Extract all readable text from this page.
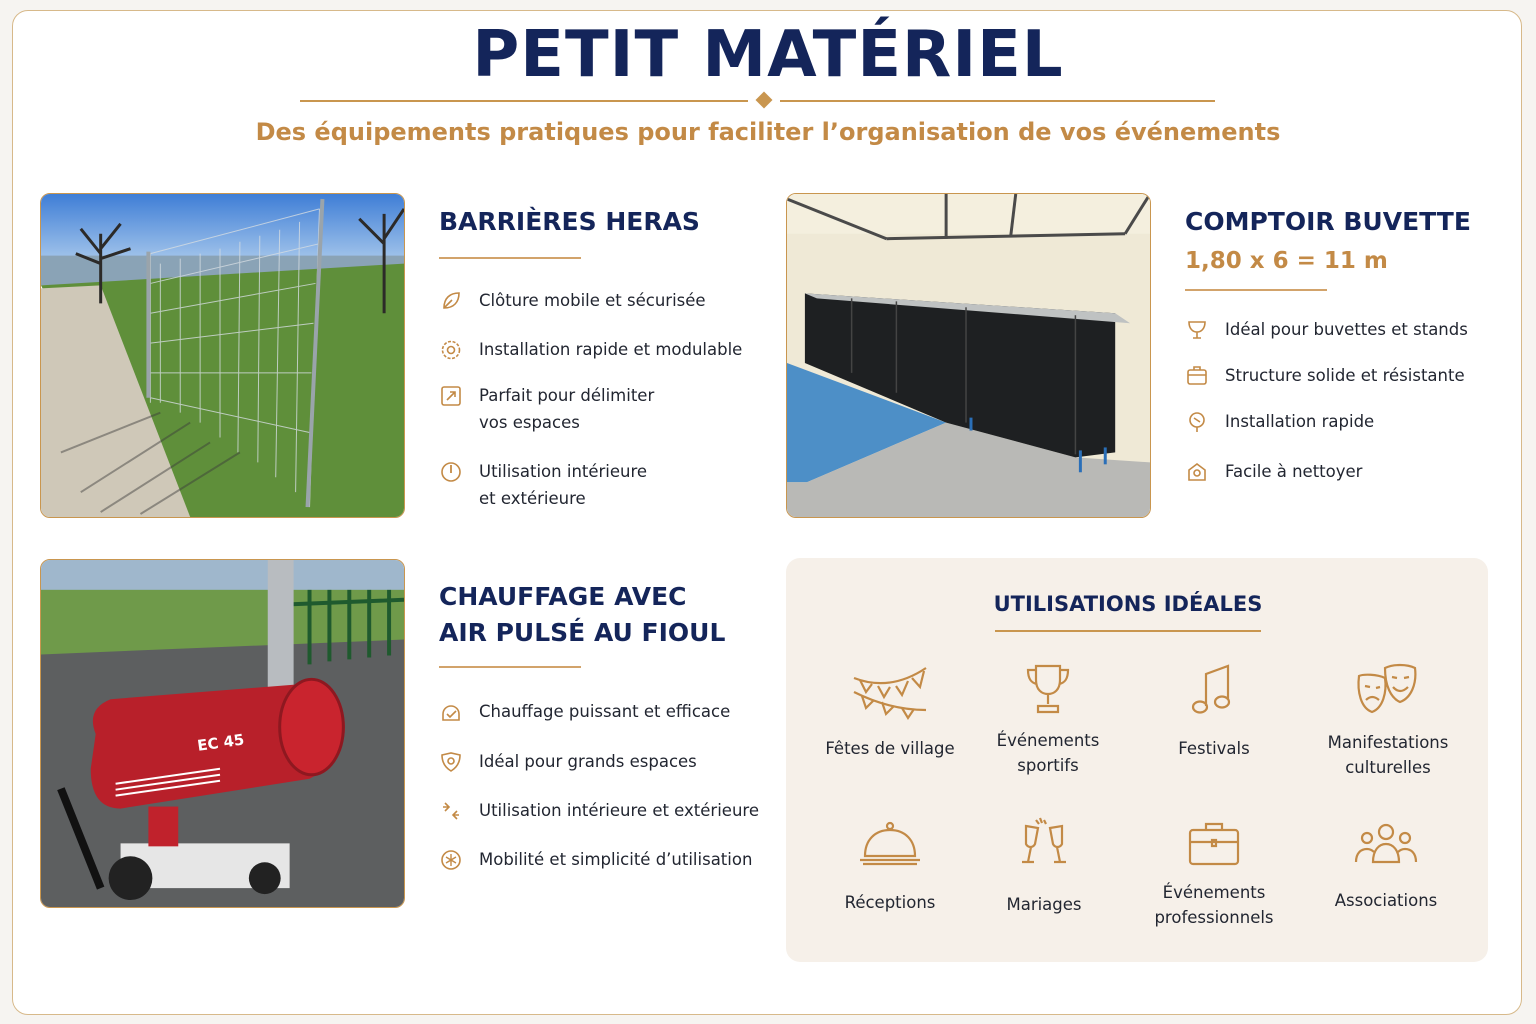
PETIT MATÉRIEL
Des équipements pratiques pour faciliter l’organisation de vos événements
BARRIÈRES HERAS
Clôture mobile et sécurisée
Installation rapide et modulable
Parfait pour délimiter
vos espaces
Utilisation intérieure
et extérieure
COMPTOIR BUVETTE
1,80 x 6 = 11 m
Idéal pour buvettes et stands
Structure solide et résistante
Installation rapide
Facile à nettoyer
EC 45
CHAUFFAGE AVEC
AIR PULSÉ AU FIOUL
Chauffage puissant et efficace
Idéal pour grands espaces
Utilisation intérieure et extérieure
Mobilité et simplicité d’utilisation
UTILISATIONS IDÉALES
Fêtes de village	Événements
sportifs
Festivals	Manifestations
culturelles
Réceptions	Mariages
Événements
professionnels
Associations
